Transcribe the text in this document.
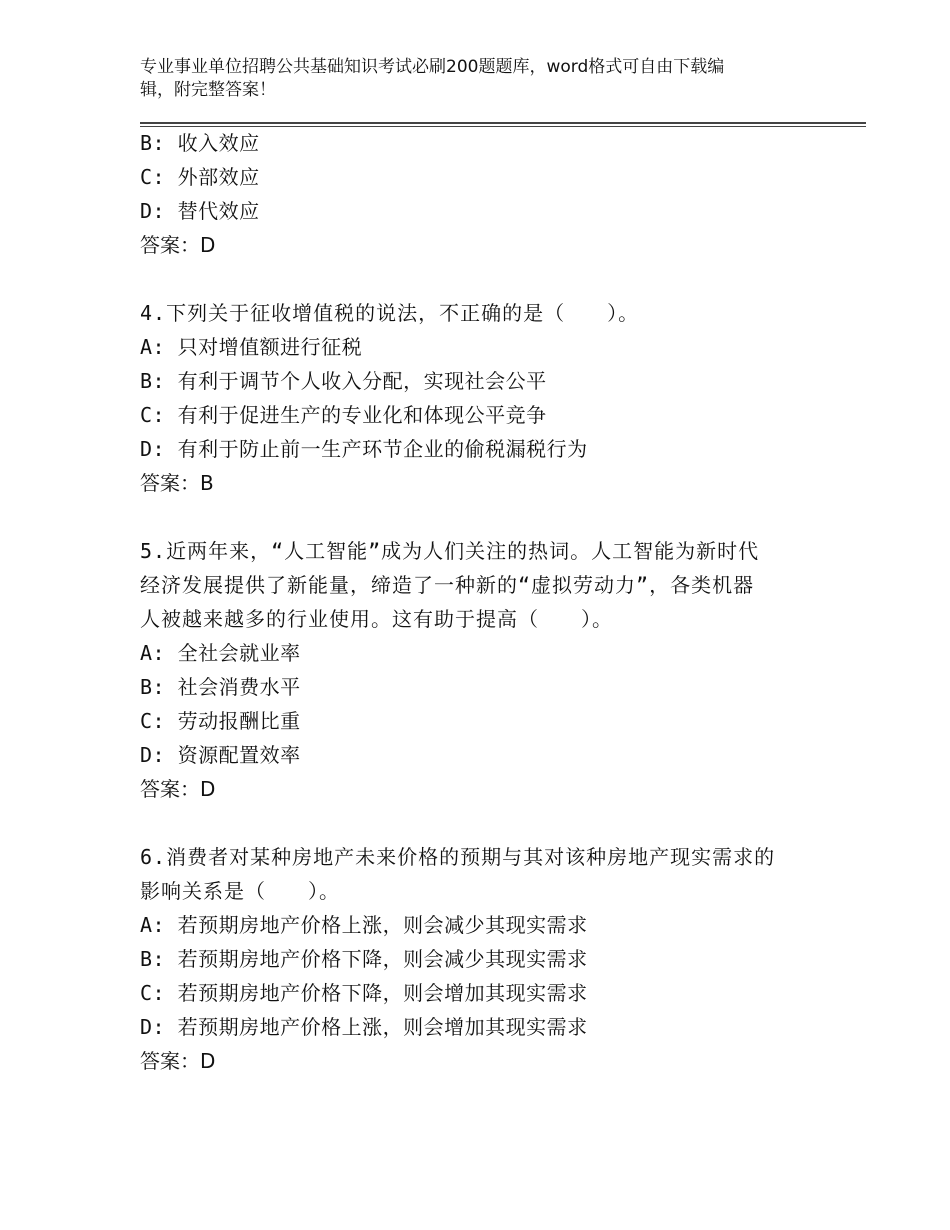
专业事业单位招聘公共基础知识考试必刷200题题库，word格式可自由下载编
辑，附完整答案！
B: 收入效应
C: 外部效应
D: 替代效应
答案：D
4.下列关于征收增值税的说法，不正确的是（　　）。
A: 只对增值额进行征税
B: 有利于调节个人收入分配，实现社会公平
C: 有利于促进生产的专业化和体现公平竞争
D: 有利于防止前一生产环节企业的偷税漏税行为
答案：B
5.近两年来，“人工智能”成为人们关注的热词。人工智能为新时代
经济发展提供了新能量，缔造了一种新的“虚拟劳动力”，各类机器
人被越来越多的行业使用。这有助于提高（　　）。
A: 全社会就业率
B: 社会消费水平
C: 劳动报酬比重
D: 资源配置效率
答案：D
6.消费者对某种房地产未来价格的预期与其对该种房地产现实需求的
影响关系是（　　）。
A: 若预期房地产价格上涨，则会减少其现实需求
B: 若预期房地产价格下降，则会减少其现实需求
C: 若预期房地产价格下降，则会增加其现实需求
D: 若预期房地产价格上涨，则会增加其现实需求
答案：D
